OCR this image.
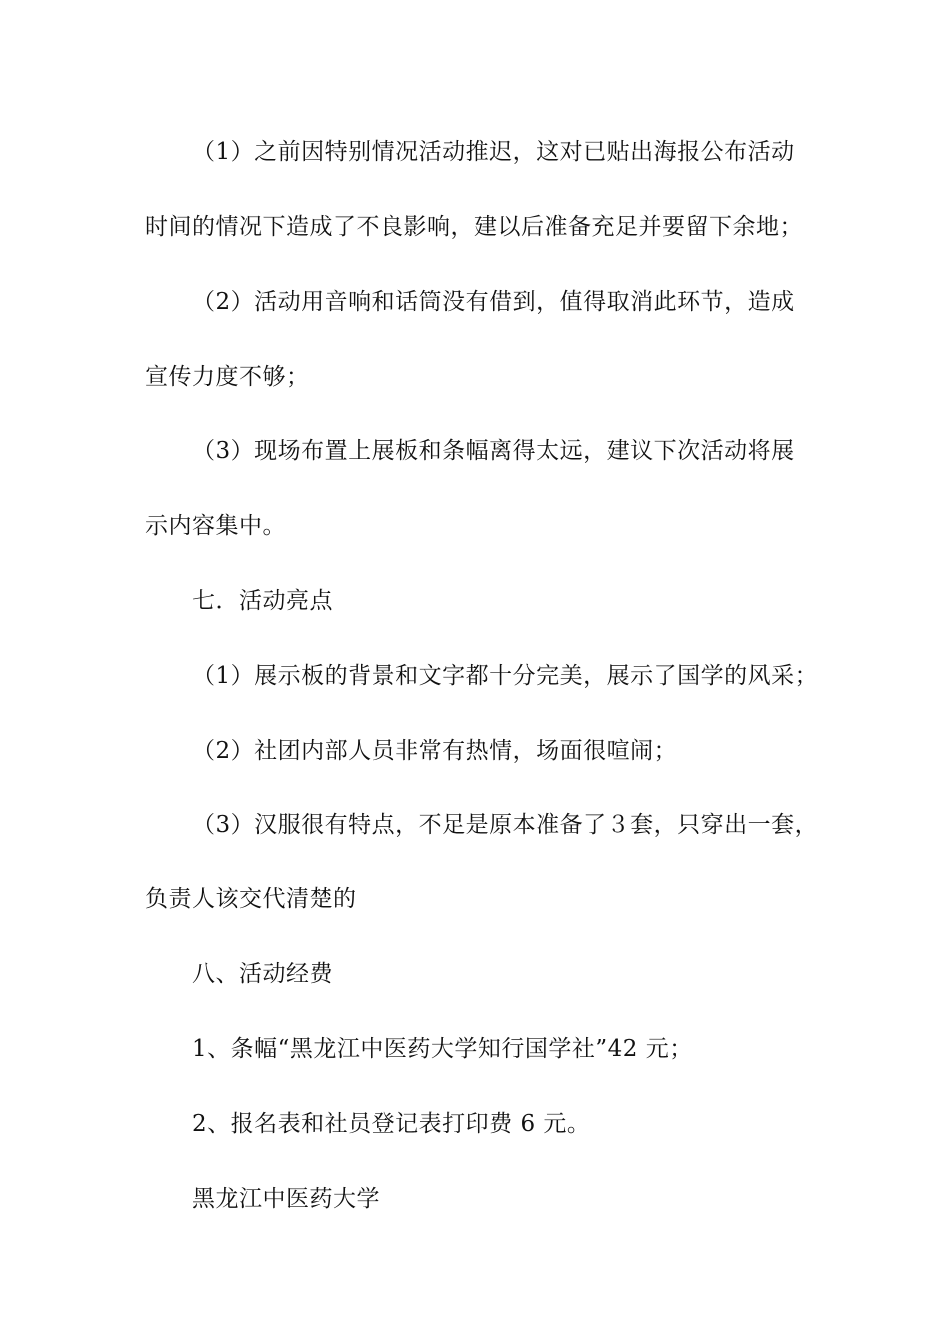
（1）之前因特别情况活动推迟，这对已贴出海报公布活动
时间的情况下造成了不良影响，建以后准备充足并要留下余地；
（2）活动用音响和话筒没有借到，值得取消此环节，造成
宣传力度不够；
（3）现场布置上展板和条幅离得太远，建议下次活动将展
示内容集中。
七．活动亮点
（1）展示板的背景和文字都十分完美，展示了国学的风采；
（2）社团内部人员非常有热情，场面很喧闹；
（3）汉服很有特点，不足是原本准备了３套，只穿出一套，
负责人该交代清楚的
八、活动经费
1、条幅“黑龙江中医药大学知行国学社”42 元；
2、报名表和社员登记表打印费 6 元。
黑龙江中医药大学
